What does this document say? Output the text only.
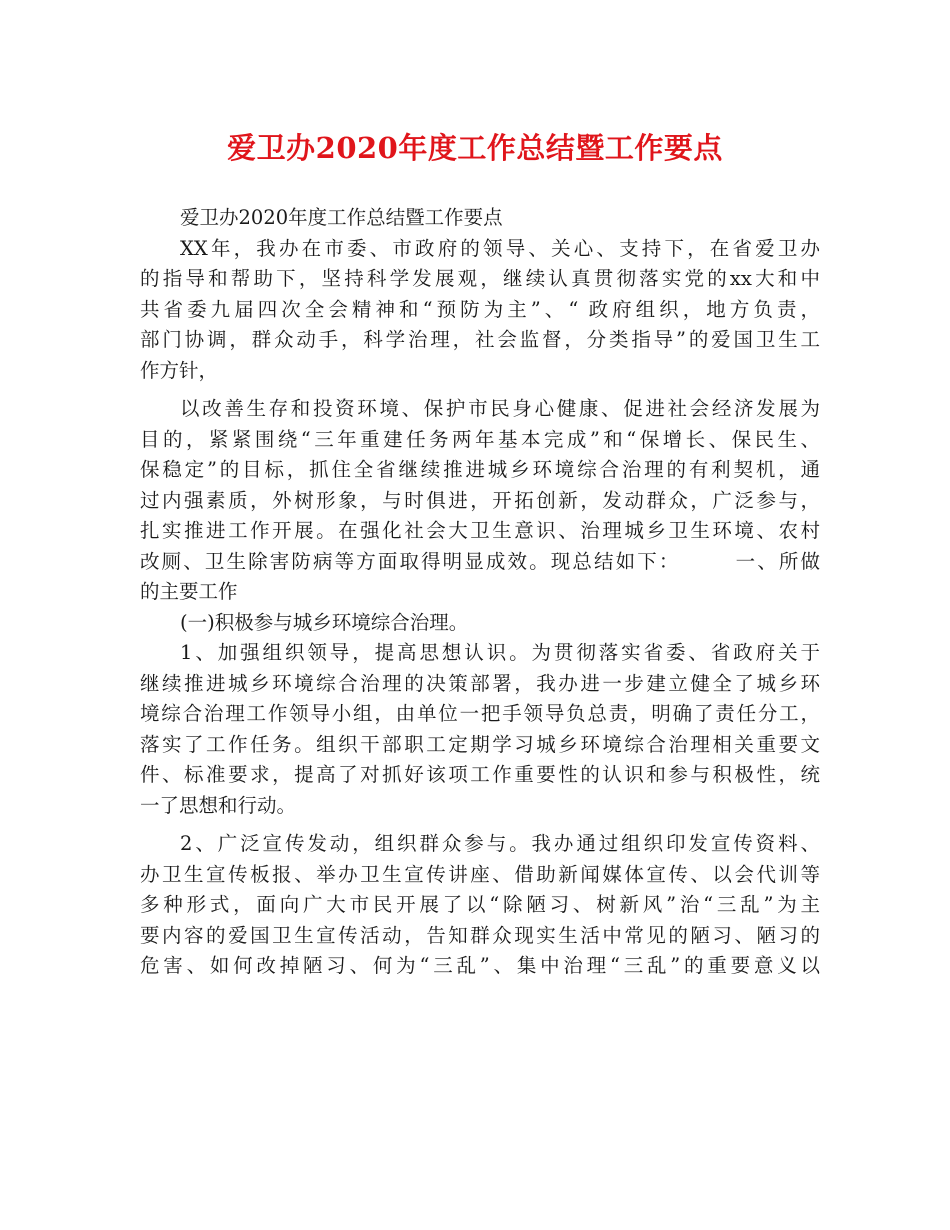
爱卫办2020年度工作总结暨工作要点
爱卫办2020年度工作总结暨工作要点
XX年，我办在市委、市政府的领导、关心、支持下，在省爱卫办
的指导和帮助下，坚持科学发展观，继续认真贯彻落实党的xx大和中
共省委九届四次全会精神和“预防为主”、“ 政府组织，地方负责，
部门协调，群众动手，科学治理，社会监督，分类指导”的爱国卫生工
作方针，
以改善生存和投资环境、保护市民身心健康、促进社会经济发展为
目的，紧紧围绕“三年重建任务两年基本完成”和“保增长、保民生、
保稳定”的目标，抓住全省继续推进城乡环境综合治理的有利契机，通
过内强素质，外树形象，与时俱进，开拓创新，发动群众，广泛参与，
扎实推进工作开展。在强化社会大卫生意识、治理城乡卫生环境、农村
改厕、卫生除害防病等方面取得明显成效。现总结如下：　　　一、所做
的主要工作
(一)积极参与城乡环境综合治理。
1、加强组织领导，提高思想认识。为贯彻落实省委、省政府关于
继续推进城乡环境综合治理的决策部署，我办进一步建立健全了城乡环
境综合治理工作领导小组，由单位一把手领导负总责，明确了责任分工，
落实了工作任务。组织干部职工定期学习城乡环境综合治理相关重要文
件、标准要求，提高了对抓好该项工作重要性的认识和参与积极性，统
一了思想和行动。
2、广泛宣传发动，组织群众参与。我办通过组织印发宣传资料、
办卫生宣传板报、举办卫生宣传讲座、借助新闻媒体宣传、以会代训等
多种形式，面向广大市民开展了以“除陋习、树新风”治“三乱”为主
要内容的爱国卫生宣传活动，告知群众现实生活中常见的陋习、陋习的
危害、如何改掉陋习、何为“三乱”、集中治理“三乱”的重要意义以
